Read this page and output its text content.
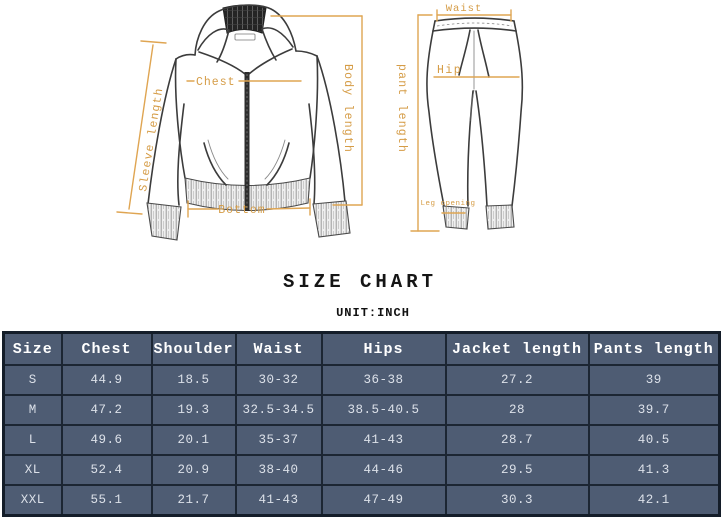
Sleeve length	Body length
Chest
Bottom
Waist
Hip
pant length
Leg opening
SIZE CHART
UNIT:INCH
Size	Chest	Shoulder	Waist	Hips	Jacket length	Pants length
S	44.9	18.5	30-32	36-38	27.2	39
M	47.2	19.3	32.5-34.5	38.5-40.5	28	39.7
L	49.6	20.1	35-37	41-43	28.7	40.5
XL	52.4	20.9	38-40	44-46	29.5	41.3
XXL	55.1	21.7	41-43	47-49	30.3	42.1
